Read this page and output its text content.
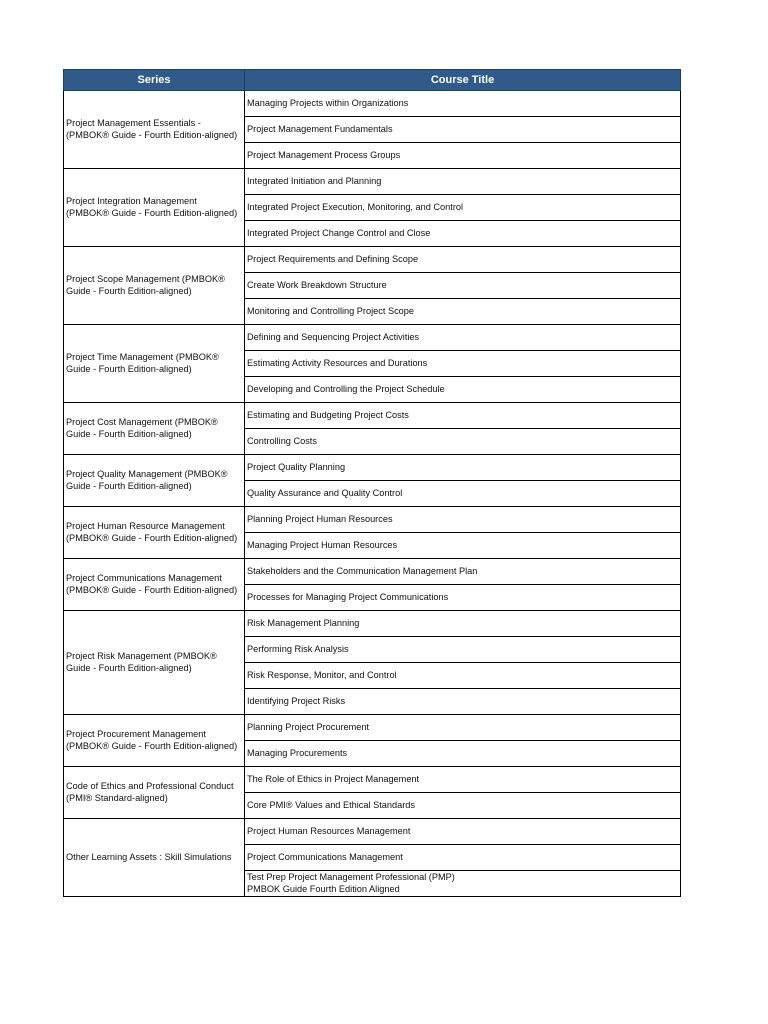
Series	Course Title
Project Management Essentials - (PMBOK® Guide - Fourth Edition-aligned)	Managing Projects within Organizations

	Project Management Fundamentals

	Project Management Process Groups

Project Integration Management (PMBOK® Guide - Fourth Edition-aligned)	Integrated Initiation and Planning

	Integrated Project Execution, Monitoring, and Control

	Integrated Project Change Control and Close

Project Scope Management (PMBOK® Guide - Fourth Edition-aligned)	Project Requirements and Defining Scope

	Create Work Breakdown Structure

	Monitoring and Controlling Project Scope

Project Time Management (PMBOK® Guide - Fourth Edition-aligned)	Defining and Sequencing Project Activities

	Estimating Activity Resources and Durations

	Developing and Controlling the Project Schedule

Project Cost Management (PMBOK® Guide - Fourth Edition-aligned)	Estimating and Budgeting Project Costs

	Controlling Costs

Project Quality Management (PMBOK® Guide - Fourth Edition-aligned)	Project Quality Planning

	Quality Assurance and Quality Control

Project Human Resource Management (PMBOK® Guide - Fourth Edition-aligned)	Planning Project Human Resources

	Managing Project Human Resources

Project Communications Management (PMBOK® Guide - Fourth Edition-aligned)	Stakeholders and the Communication Management Plan

	Processes for Managing Project Communications

Project Risk Management (PMBOK® Guide - Fourth Edition-aligned)	Risk Management Planning

	Performing Risk Analysis

	Risk Response, Monitor, and Control

	Identifying Project Risks

Project Procurement Management (PMBOK® Guide - Fourth Edition-aligned)	Planning Project Procurement

	Managing Procurements

Code of Ethics and Professional Conduct (PMI® Standard-aligned)	The Role of Ethics in Project Management

	Core PMI® Values and Ethical Standards

Other Learning Assets : Skill Simulations	Project Human Resources Management

	Project Communications Management

	Test Prep Project Management Professional (PMP)
PMBOK Guide Fourth Edition Aligned
